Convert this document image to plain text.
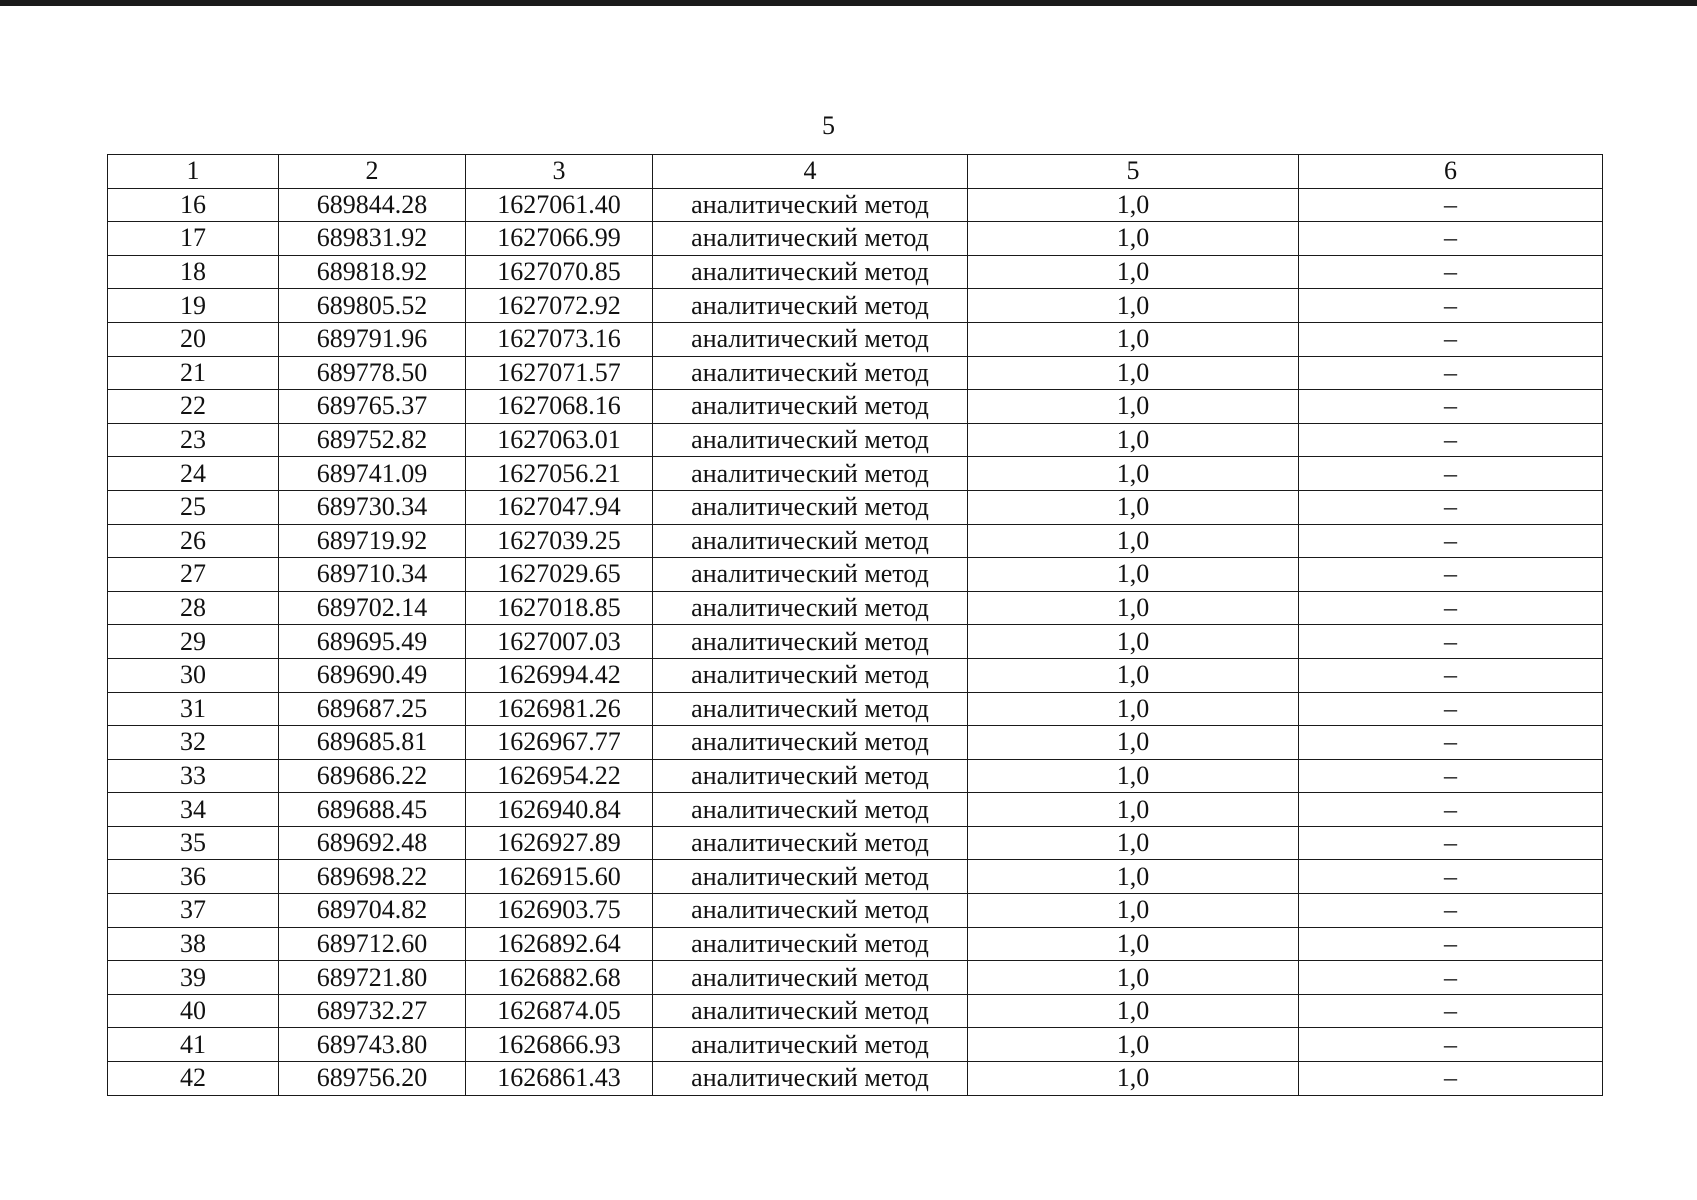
5
1	2	3	4	5	6
16	689844.28	1627061.40	аналитический метод	1,0	–
17	689831.92	1627066.99	аналитический метод	1,0	–
18	689818.92	1627070.85	аналитический метод	1,0	–
19	689805.52	1627072.92	аналитический метод	1,0	–
20	689791.96	1627073.16	аналитический метод	1,0	–
21	689778.50	1627071.57	аналитический метод	1,0	–
22	689765.37	1627068.16	аналитический метод	1,0	–
23	689752.82	1627063.01	аналитический метод	1,0	–
24	689741.09	1627056.21	аналитический метод	1,0	–
25	689730.34	1627047.94	аналитический метод	1,0	–
26	689719.92	1627039.25	аналитический метод	1,0	–
27	689710.34	1627029.65	аналитический метод	1,0	–
28	689702.14	1627018.85	аналитический метод	1,0	–
29	689695.49	1627007.03	аналитический метод	1,0	–
30	689690.49	1626994.42	аналитический метод	1,0	–
31	689687.25	1626981.26	аналитический метод	1,0	–
32	689685.81	1626967.77	аналитический метод	1,0	–
33	689686.22	1626954.22	аналитический метод	1,0	–
34	689688.45	1626940.84	аналитический метод	1,0	–
35	689692.48	1626927.89	аналитический метод	1,0	–
36	689698.22	1626915.60	аналитический метод	1,0	–
37	689704.82	1626903.75	аналитический метод	1,0	–
38	689712.60	1626892.64	аналитический метод	1,0	–
39	689721.80	1626882.68	аналитический метод	1,0	–
40	689732.27	1626874.05	аналитический метод	1,0	–
41	689743.80	1626866.93	аналитический метод	1,0	–
42	689756.20	1626861.43	аналитический метод	1,0	–
